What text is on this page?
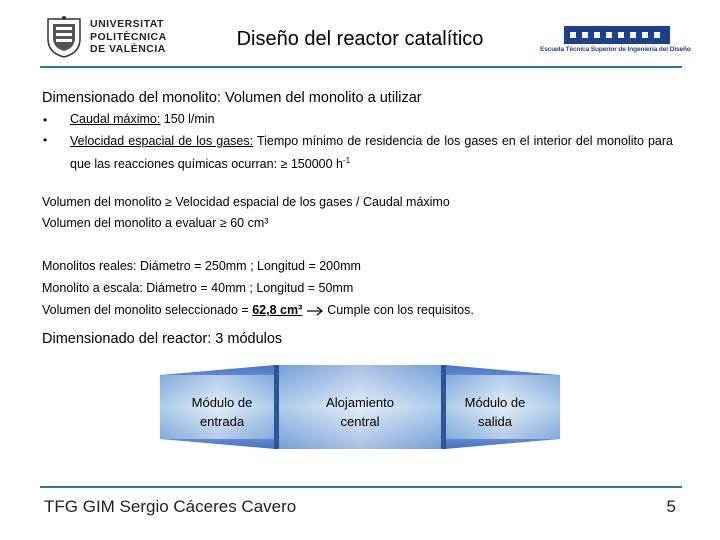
UNIVERSITAT
POLITÈCNICA
DE VALÈNCIA	Diseño del reactor catalítico	Escuela Técnica Superior de Ingeniería del Diseño
Dimensionado del monolito: Volumen del monolito a utilizar
• Caudal máximo: 150 l/min
• Velocidad espacial de los gases: Tiempo mínimo de residencia de los gases en el interior del monolito para que las reacciones químicas ocurran: ≥ 150000 $h^{-1}$
Volumen del monolito ≥ Velocidad espacial de los gases / Caudal máximo
Volumen del monolito a evaluar ≥ 60 cm³
Monolitos reales: Diámetro = 250mm ; Longitud = 200mm
Monolito a escala: Diámetro = 40mm ; Longitud = 50mm
Volumen del monolito seleccionado = 62,8 cm³  Cumple con los requisitos.
Dimensionado del reactor: 3 módulos
Módulo de entrada
Alojamiento central
Módulo de salida
TFG GIM Sergio Cáceres Cavero	5
